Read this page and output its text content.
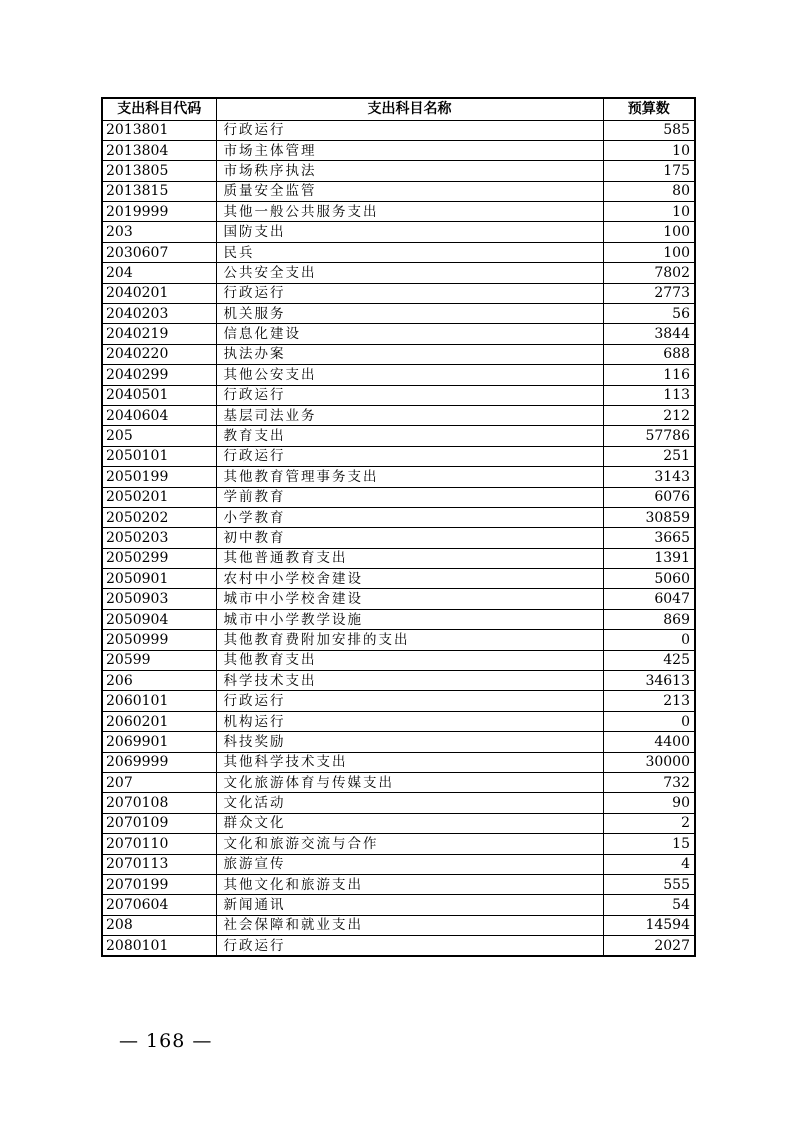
支出科目代码	支出科目名称	预算数
2013801	行政运行	585
2013804	市场主体管理	10
2013805	市场秩序执法	175
2013815	质量安全监管	80
2019999	其他一般公共服务支出	10
203	国防支出	100
2030607	民兵	100
204	公共安全支出	7802
2040201	行政运行	2773
2040203	机关服务	56
2040219	信息化建设	3844
2040220	执法办案	688
2040299	其他公安支出	116
2040501	行政运行	113
2040604	基层司法业务	212
205	教育支出	57786
2050101	行政运行	251
2050199	其他教育管理事务支出	3143
2050201	学前教育	6076
2050202	小学教育	30859
2050203	初中教育	3665
2050299	其他普通教育支出	1391
2050901	农村中小学校舍建设	5060
2050903	城市中小学校舍建设	6047
2050904	城市中小学教学设施	869
2050999	其他教育费附加安排的支出	0
20599	其他教育支出	425
206	科学技术支出	34613
2060101	行政运行	213
2060201	机构运行	0
2069901	科技奖励	4400
2069999	其他科学技术支出	30000
207	文化旅游体育与传媒支出	732
2070108	文化活动	90
2070109	群众文化	2
2070110	文化和旅游交流与合作	15
2070113	旅游宣传	4
2070199	其他文化和旅游支出	555
2070604	新闻通讯	54
208	社会保障和就业支出	14594
2080101	行政运行	2027
— 168 —
